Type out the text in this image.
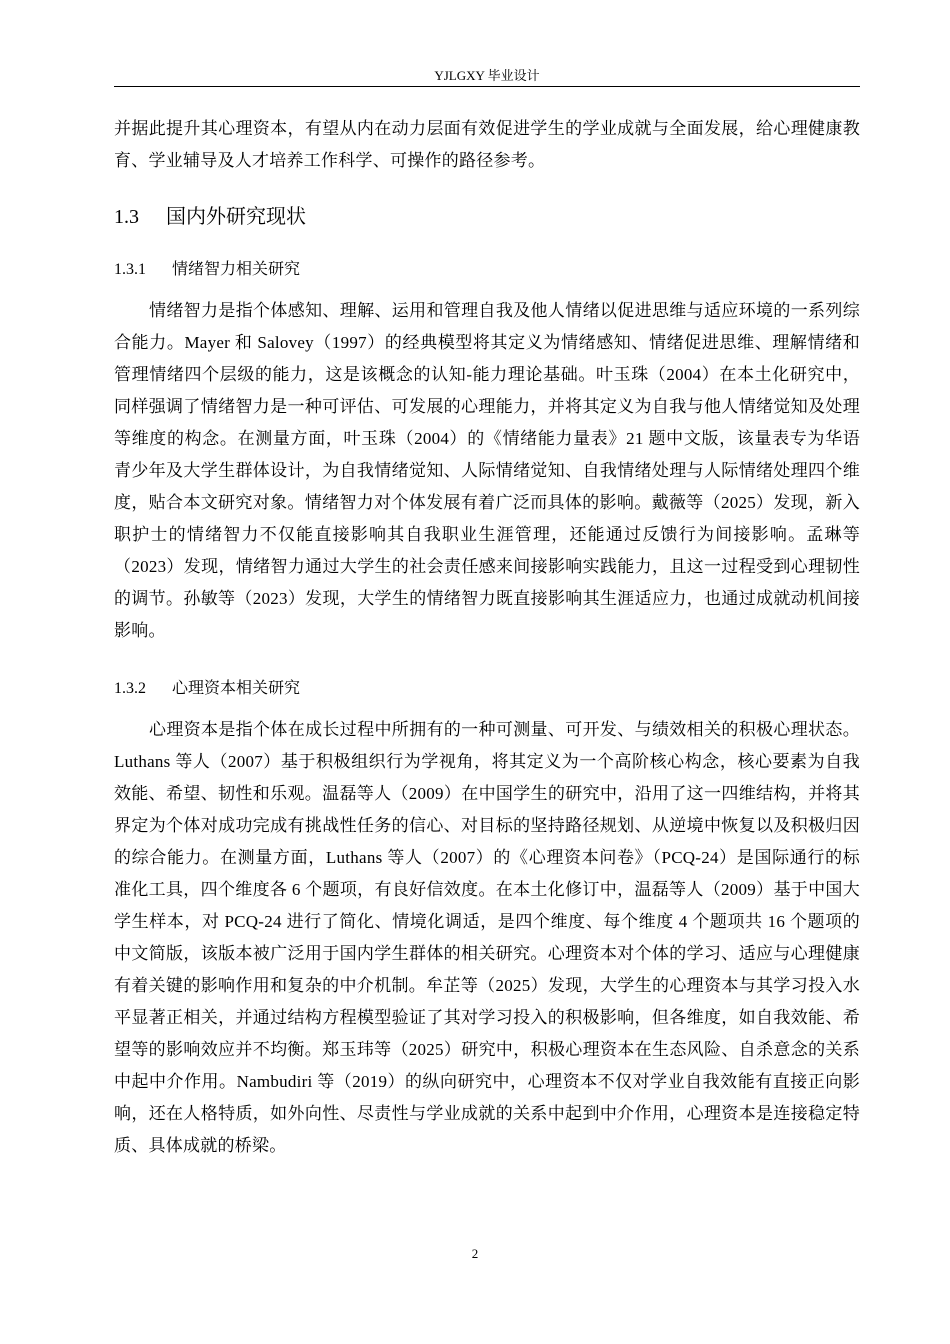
YJLGXY 毕业设计

并据此提升其心理资本，有望从内在动力层面有效促进学生的学业成就与全面发展，给心理健康教育、学业辅导及人才培养工作科学、可操作的路径参考。

1.3 国内外研究现状
1.3.1 情绪智力相关研究

情绪智力是指个体感知、理解、运用和管理自我及他人情绪以促进思维与适应环境的一系列综合能力。Mayer 和 Salovey（1997）的经典模型将其定义为情绪感知、情绪促进思维、理解情绪和管理情绪四个层级的能力，这是该概念的认知-能力理论基础。叶玉珠（2004）在本土化研究中，同样强调了情绪智力是一种可评估、可发展的心理能力，并将其定义为自我与他人情绪觉知及处理等维度的构念。在测量方面，叶玉珠（2004）的《情绪能力量表》21 题中文版，该量表专为华语青少年及大学生群体设计，为自我情绪觉知、人际情绪觉知、自我情绪处理与人际情绪处理四个维度，贴合本文研究对象。情绪智力对个体发展有着广泛而具体的影响。戴薇等（2025）发现，新入职护士的情绪智力不仅能直接影响其自我职业生涯管理，还能通过反馈行为间接影响。孟琳等（2023）发现，情绪智力通过大学生的社会责任感来间接影响实践能力，且这一过程受到心理韧性的调节。孙敏等（2023）发现，大学生的情绪智力既直接影响其生涯适应力，也通过成就动机间接影响。

1.3.2 心理资本相关研究

心理资本是指个体在成长过程中所拥有的一种可测量、可开发、与绩效相关的积极心理状态。Luthans 等人（2007）基于积极组织行为学视角，将其定义为一个高阶核心构念，核心要素为自我效能、希望、韧性和乐观。温磊等人（2009）在中国学生的研究中，沿用了这一四维结构，并将其界定为个体对成功完成有挑战性任务的信心、对目标的坚持路径规划、从逆境中恢复以及积极归因的综合能力。在测量方面，Luthans 等人（2007）的《心理资本问卷》（PCQ-24）是国际通行的标准化工具，四个维度各 6 个题项，有良好信效度。在本土化修订中，温磊等人（2009）基于中国大学生样本，对 PCQ-24 进行了简化、情境化调适，是四个维度、每个维度 4 个题项共 16 个题项的中文简版，该版本被广泛用于国内学生群体的相关研究。心理资本对个体的学习、适应与心理健康有着关键的影响作用和复杂的中介机制。牟芷等（2025）发现，大学生的心理资本与其学习投入水平显著正相关，并通过结构方程模型验证了其对学习投入的积极影响，但各维度，如自我效能、希望等的影响效应并不均衡。郑玉玮等（2025）研究中，积极心理资本在生态风险、自杀意念的关系中起中介作用。Nambudiri 等（2019）的纵向研究中，心理资本不仅对学业自我效能有直接正向影响，还在人格特质，如外向性、尽责性与学业成就的关系中起到中介作用，心理资本是连接稳定特质、具体成就的桥梁。

2
